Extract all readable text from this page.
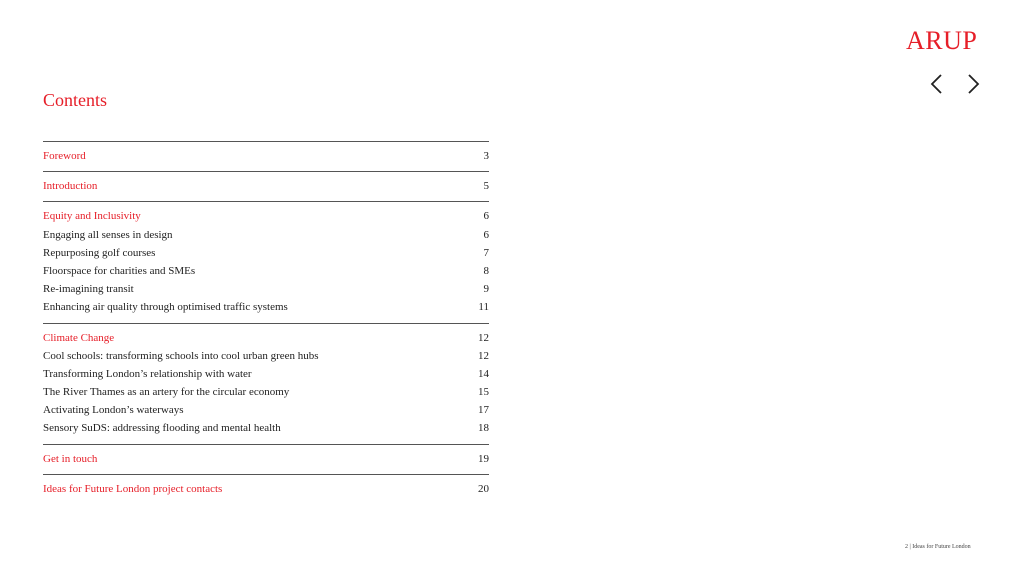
ARUP
Contents
Foreword	3
Introduction	5
Equity and Inclusivity	6
Engaging all senses in design	6
Repurposing golf courses	7
Floorspace for charities and SMEs	8
Re-imagining transit	9
Enhancing air quality through optimised traffic systems	11
Climate Change	12
Cool schools: transforming schools into cool urban green hubs	12
Transforming London’s relationship with water	14
The River Thames as an artery for the circular economy	15
Activating London’s waterways	17
Sensory SuDS: addressing flooding and mental health	18
Get in touch	19
Ideas for Future London project contacts	20
2 | Ideas for Future London
